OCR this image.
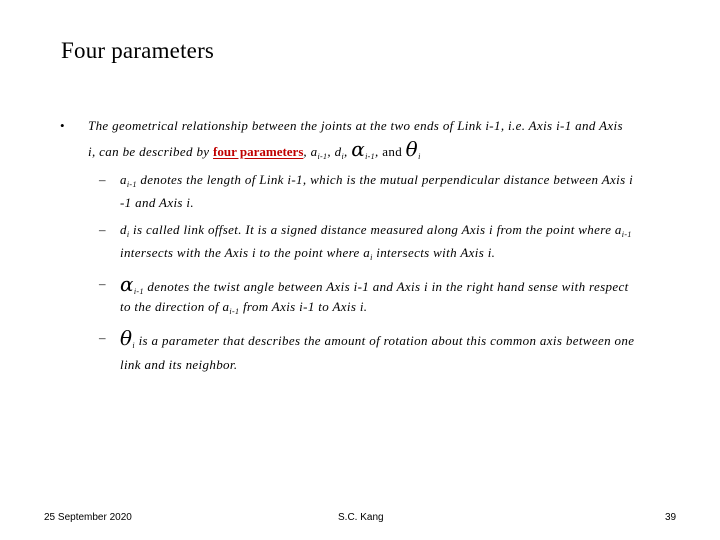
Four parameters
• The geometrical relationship between the joints at the two ends of Link i-1, i.e. Axis i-1 and Axis
i, can be described by four parameters, $a_{i-1}$, $d_i$, $\alpha_{i-1}$, and $\theta_i$
– $a_{i-1}$ denotes the length of Link i-1, which is the mutual perpendicular distance between Axis i
-1 and Axis i.
– $d_i$ is called link offset. It is a signed distance measured along Axis i from the point where $a_{i-1}$
intersects with the Axis i to the point where $a_i$ intersects with Axis i.
– $\alpha_{i-1}$ denotes the twist angle between Axis i-1 and Axis i in the right hand sense with respect
to the direction of $a_{i-1}$ from Axis i-1 to Axis i.
– $\theta_i$ is a parameter that describes the amount of rotation about this common axis between one
link and its neighbor.
25 September 2020	S.C. Kang	39
